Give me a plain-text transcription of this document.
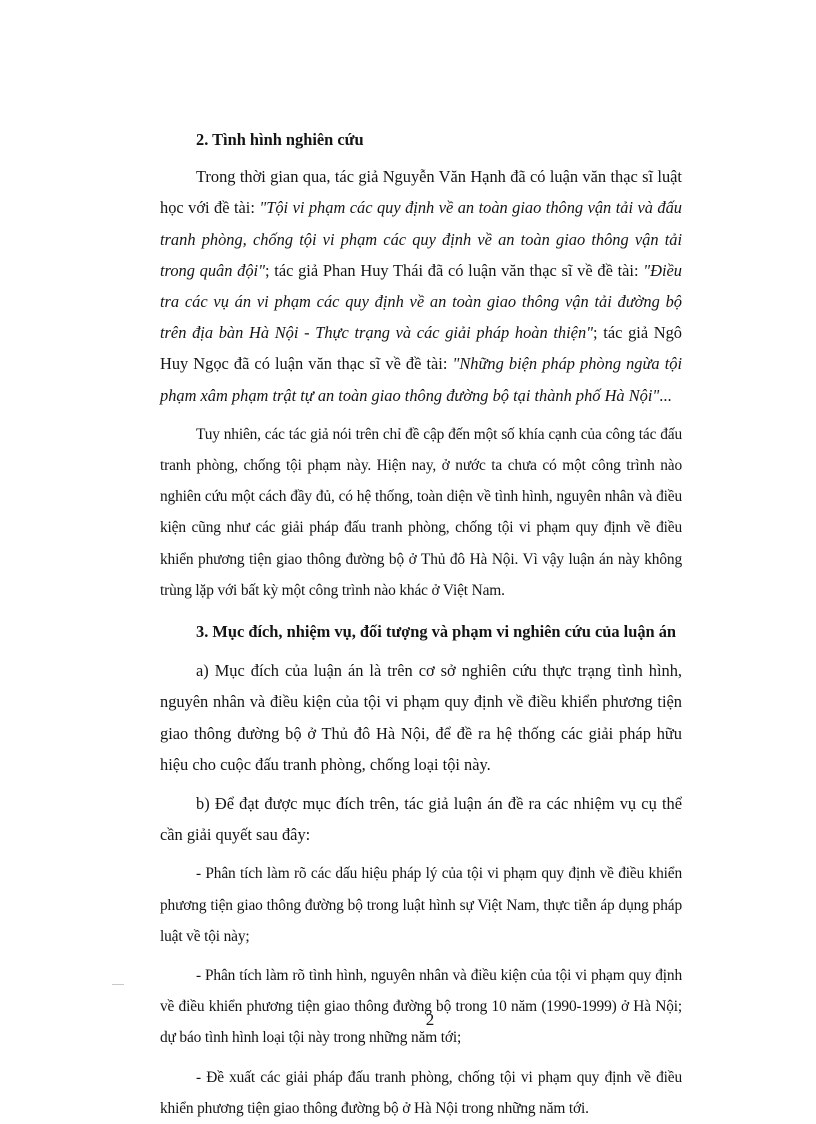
2. Tình hình nghiên cứu

Trong thời gian qua, tác giả Nguyễn Văn Hạnh đã có luận văn thạc sĩ luật học với đề tài: "Tội vi phạm các quy định về an toàn giao thông vận tải và đấu tranh phòng, chống tội vi phạm các quy định về an toàn giao thông vận tải trong quân đội"; tác giả Phan Huy Thái đã có luận văn thạc sĩ về đề tài: "Điều tra các vụ án vi phạm các quy định về an toàn giao thông vận tải đường bộ trên địa bàn Hà Nội - Thực trạng và các giải pháp hoàn thiện"; tác giả Ngô Huy Ngọc đã có luận văn thạc sĩ về đề tài: "Những biện pháp phòng ngừa tội phạm xâm phạm trật tự an toàn giao thông đường bộ tại thành phố Hà Nội"...

Tuy nhiên, các tác giả nói trên chỉ đề cập đến một số khía cạnh của công tác đấu tranh phòng, chống tội phạm này. Hiện nay, ở nước ta chưa có một công trình nào nghiên cứu một cách đầy đủ, có hệ thống, toàn diện về tình hình, nguyên nhân và điều kiện cũng như các giải pháp đấu tranh phòng, chống tội vi phạm quy định về điều khiển phương tiện giao thông đường bộ ở Thủ đô Hà Nội. Vì vậy luận án này không trùng lặp với bất kỳ một công trình nào khác ở Việt Nam.

3. Mục đích, nhiệm vụ, đối tượng và phạm vi nghiên cứu của luận án

a) Mục đích của luận án là trên cơ sở nghiên cứu thực trạng tình hình, nguyên nhân và điều kiện của tội vi phạm quy định về điều khiển phương tiện giao thông đường bộ ở Thủ đô Hà Nội, để đề ra hệ thống các giải pháp hữu hiệu cho cuộc đấu tranh phòng, chống loại tội này.

b) Để đạt được mục đích trên, tác giả luận án đề ra các nhiệm vụ cụ thể cần giải quyết sau đây:

- Phân tích làm rõ các dấu hiệu pháp lý của tội vi phạm quy định về điều khiển phương tiện giao thông đường bộ trong luật hình sự Việt Nam, thực tiễn áp dụng pháp luật về tội này;

- Phân tích làm rõ tình hình, nguyên nhân và điều kiện của tội vi phạm quy định về điều khiển phương tiện giao thông đường bộ trong 10 năm (1990-1999) ở Hà Nội; dự báo tình hình loại tội này trong những năm tới;

- Đề xuất các giải pháp đấu tranh phòng, chống tội vi phạm quy định về điều khiển phương tiện giao thông đường bộ ở Hà Nội trong những năm tới.

2
